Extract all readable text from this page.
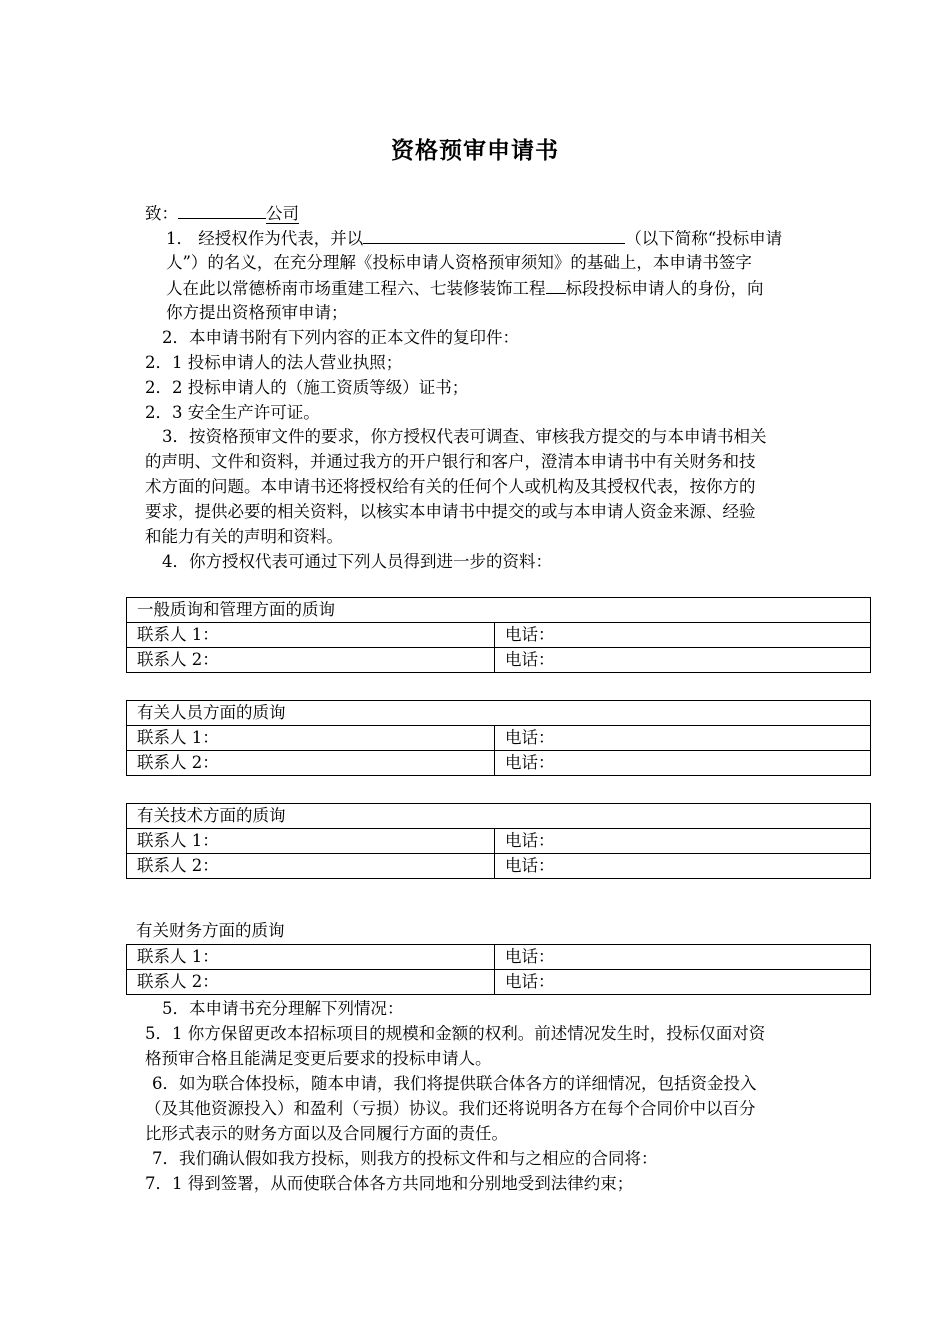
资格预审申请书
致：	公司
1． 经授权作为代表，并以	（以下简称“投标申请
人”）的名义，在充分理解《投标申请人资格预审须知》的基础上，本申请书签字
人在此以常德桥南市场重建工程六、七装修装饰工程 标段投标申请人的身份，向
你方提出资格预审申请；
2．本申请书附有下列内容的正本文件的复印件：
2．1 投标申请人的法人营业执照；
2．2 投标申请人的（施工资质等级）证书；
2．3 安全生产许可证。
3．按资格预审文件的要求，你方授权代表可调查、审核我方提交的与本申请书相关
的声明、文件和资料，并通过我方的开户银行和客户，澄清本申请书中有关财务和技
术方面的问题。本申请书还将授权给有关的任何个人或机构及其授权代表，按你方的
要求，提供必要的相关资料，以核实本申请书中提交的或与本申请人资金来源、经验
和能力有关的声明和资料。
4．你方授权代表可通过下列人员得到进一步的资料：
一般质询和管理方面的质询	
联系人 1：	电话：
联系人 2：	电话：
有关人员方面的质询	
联系人 1：	电话：
联系人 2：	电话：
有关技术方面的质询	
联系人 1：	电话：
联系人 2：	电话：
有关财务方面的质询
联系人 1：	电话：
联系人 2：	电话：
5．本申请书充分理解下列情况：
5．1 你方保留更改本招标项目的规模和金额的权利。前述情况发生时，投标仅面对资
格预审合格且能满足变更后要求的投标申请人。
6．如为联合体投标，随本申请，我们将提供联合体各方的详细情况，包括资金投入
（及其他资源投入）和盈利（亏损）协议。我们还将说明各方在每个合同价中以百分
比形式表示的财务方面以及合同履行方面的责任。
7．我们确认假如我方投标，则我方的投标文件和与之相应的合同将：
7．1 得到签署，从而使联合体各方共同地和分别地受到法律约束；
